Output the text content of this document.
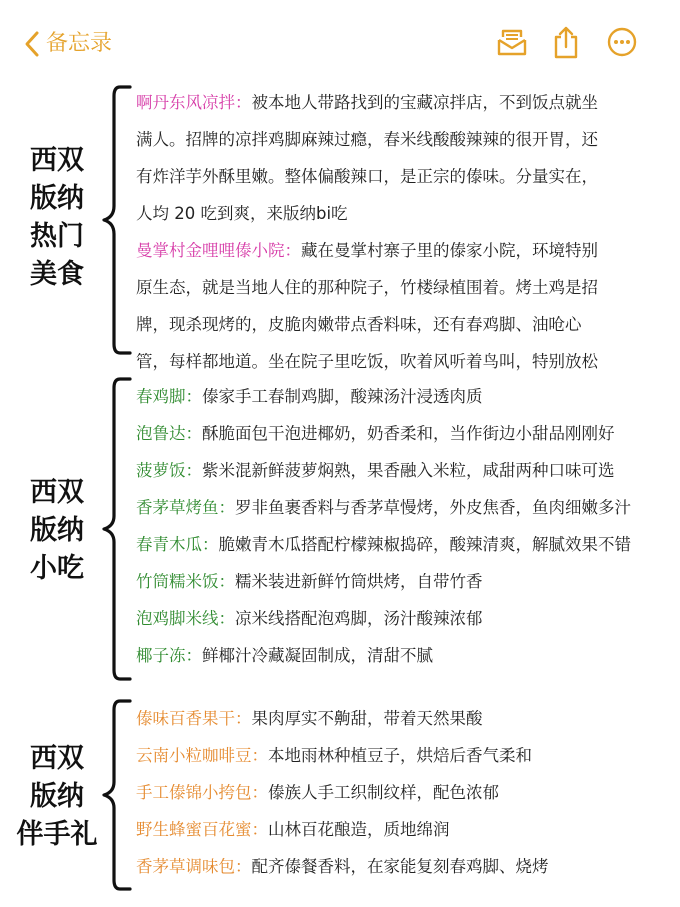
备忘录
西双
版纳
热门
美食
啊丹东风凉拌：被本地人带路找到的宝藏凉拌店，不到饭点就坐
满人。招牌的凉拌鸡脚麻辣过瘾，春米线酸酸辣辣的很开胃，还
有炸洋芋外酥里嫩。整体偏酸辣口，是正宗的傣味。分量实在，
人均 20 吃到爽，来版纳bi吃
曼掌村金哩哩傣小院：藏在曼掌村寨子里的傣家小院，环境特别
原生态，就是当地人住的那种院子，竹楼绿植围着。烤土鸡是招
牌，现杀现烤的，皮脆肉嫩带点香料味，还有春鸡脚、油呛心
管，每样都地道。坐在院子里吃饭，吹着风听着鸟叫，特别放松
西双
版纳
小吃
春鸡脚：傣家手工春制鸡脚，酸辣汤汁浸透肉质
泡鲁达：酥脆面包干泡进椰奶，奶香柔和，当作街边小甜品刚刚好
菠萝饭：紫米混新鲜菠萝焖熟，果香融入米粒，咸甜两种口味可选
香茅草烤鱼：罗非鱼裹香料与香茅草慢烤，外皮焦香，鱼肉细嫩多汁
春青木瓜：脆嫩青木瓜搭配柠檬辣椒捣碎，酸辣清爽，解腻效果不错
竹筒糯米饭：糯米装进新鲜竹筒烘烤，自带竹香
泡鸡脚米线：凉米线搭配泡鸡脚，汤汁酸辣浓郁
椰子冻：鲜椰汁冷藏凝固制成，清甜不腻
西双
版纳
伴手礼
傣味百香果干：果肉厚实不齁甜，带着天然果酸
云南小粒咖啡豆：本地雨林种植豆子，烘焙后香气柔和
手工傣锦小挎包：傣族人手工织制纹样，配色浓郁
野生蜂蜜百花蜜：山林百花酿造，质地绵润
香茅草调味包：配齐傣餐香料，在家能复刻春鸡脚、烧烤
